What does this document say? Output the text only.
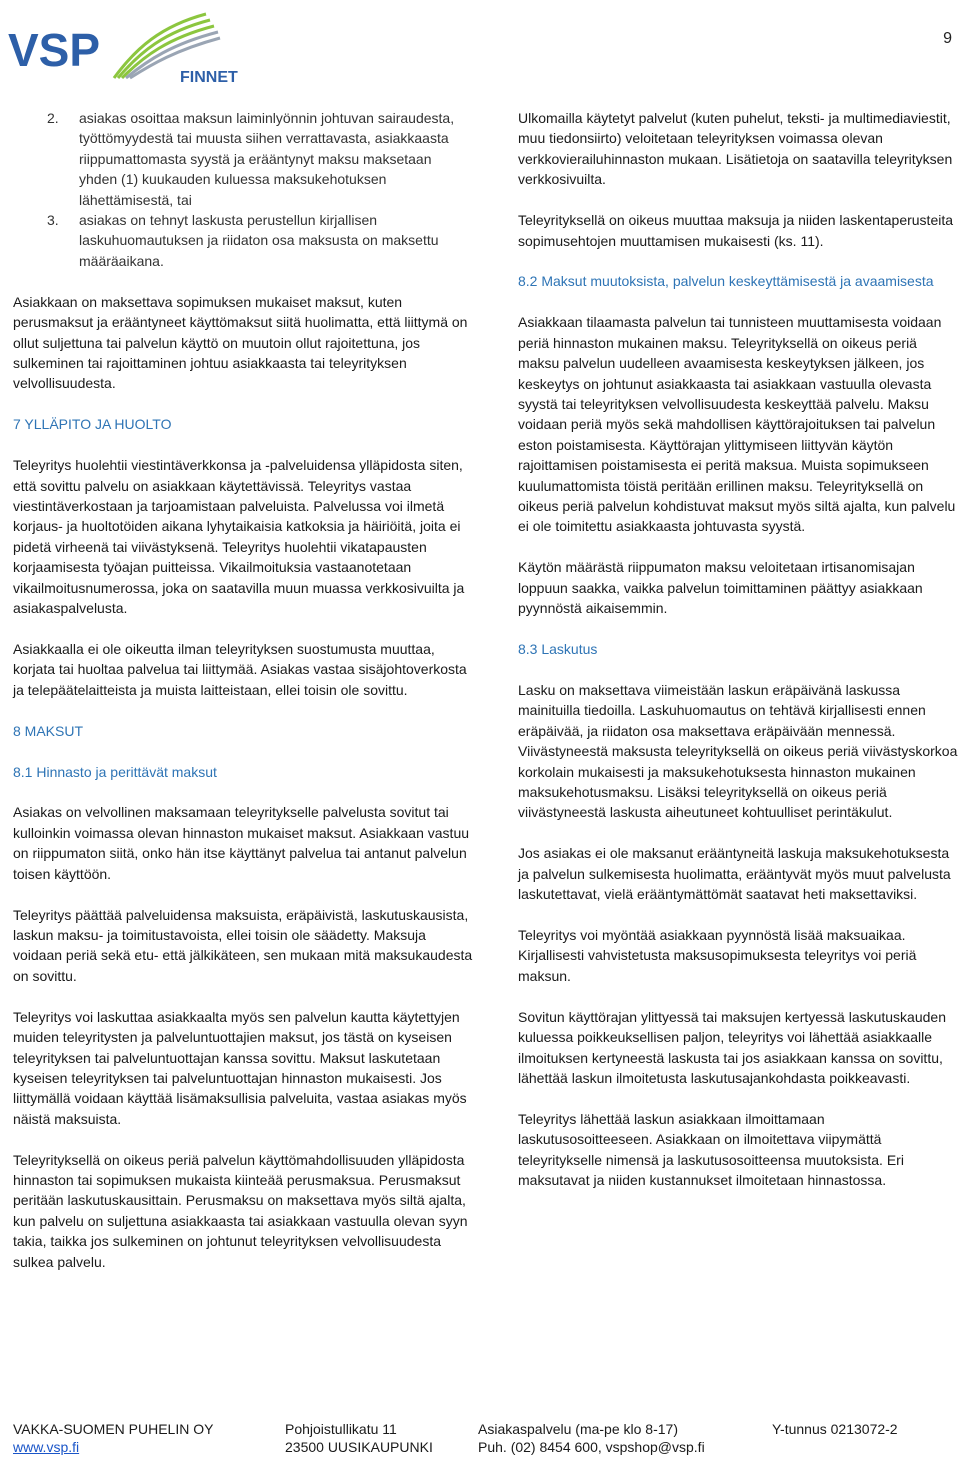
VSP
FINNET
9
2. asiakas osoittaa maksun laiminlyönnin johtuvan sairaudesta, työttömyydestä tai muusta siihen verrattavasta, asiakkaasta riippumattomasta syystä ja erääntynyt maksu maksetaan yhden (1) kuukauden kuluessa maksukehotuksen lähettämisestä, tai
3. asiakas on tehnyt laskusta perustellun kirjallisen laskuhuomautuksen ja riidaton osa maksusta on maksettu määräaikana.

Asiakkaan on maksettava sopimuksen mukaiset maksut, kuten perusmaksut ja erääntyneet käyttömaksut siitä huolimatta, että liittymä on ollut suljettuna tai palvelun käyttö on muutoin ollut rajoitettuna, jos sulkeminen tai rajoittaminen johtuu asiakkaasta tai teleyrityksen velvollisuudesta.

7 YLLÄPITO JA HUOLTO

Teleyritys huolehtii viestintäverkkonsa ja -palveluidensa ylläpidosta siten, että sovittu palvelu on asiakkaan käytettävissä. Teleyritys vastaa viestintäverkostaan ja tarjoamistaan palveluista. Palvelussa voi ilmetä korjaus- ja huoltotöiden aikana lyhytaikaisia katkoksia ja häiriöitä, joita ei pidetä virheenä tai viivästyksenä. Teleyritys huolehtii vikatapausten korjaamisesta työajan puitteissa. Vikailmoituksia vastaanotetaan vikailmoitusnumerossa, joka on saatavilla muun muassa verkkosivuilta ja asiakaspalvelusta.

Asiakkaalla ei ole oikeutta ilman teleyrityksen suostumusta muuttaa, korjata tai huoltaa palvelua tai liittymää. Asiakas vastaa sisäjohtoverkosta ja telepäätelaitteista ja muista laitteistaan, ellei toisin ole sovittu.

8 MAKSUT

8.1 Hinnasto ja perittävät maksut

Asiakas on velvollinen maksamaan teleyritykselle palvelusta sovitut tai kulloinkin voimassa olevan hinnaston mukaiset maksut. Asiakkaan vastuu on riippumaton siitä, onko hän itse käyttänyt palvelua tai antanut palvelun toisen käyttöön.

Teleyritys päättää palveluidensa maksuista, eräpäivistä, laskutuskausista, laskun maksu- ja toimitustavoista, ellei toisin ole säädetty. Maksuja voidaan periä sekä etu- että jälkikäteen, sen mukaan mitä maksukaudesta on sovittu.

Teleyritys voi laskuttaa asiakkaalta myös sen palvelun kautta käytettyjen muiden teleyritysten ja palveluntuottajien maksut, jos tästä on kyseisen teleyrityksen tai palveluntuottajan kanssa sovittu. Maksut laskutetaan kyseisen teleyrityksen tai palveluntuottajan hinnaston mukaisesti. Jos liittymällä voidaan käyttää lisämaksullisia palveluita, vastaa asiakas myös näistä maksuista.

Teleyrityksellä on oikeus periä palvelun käyttömahdollisuuden ylläpidosta hinnaston tai sopimuksen mukaista kiinteää perusmaksua. Perusmaksut peritään laskutuskausittain. Perusmaksu on maksettava myös siltä ajalta, kun palvelu on suljettuna asiakkaasta tai asiakkaan vastuulla olevan syyn takia, taikka jos sulkeminen on johtunut teleyrityksen velvollisuudesta sulkea palvelu.

Ulkomailla käytetyt palvelut (kuten puhelut, teksti- ja multimediaviestit, muu tiedonsiirto) veloitetaan teleyrityksen voimassa olevan verkkovierailuhinnaston mukaan. Lisätietoja on saatavilla teleyrityksen verkkosivuilta.

Teleyrityksellä on oikeus muuttaa maksuja ja niiden laskentaperusteita sopimusehtojen muuttamisen mukaisesti (ks. 11).

8.2 Maksut muutoksista, palvelun keskeyttämisestä ja avaamisesta

Asiakkaan tilaamasta palvelun tai tunnisteen muuttamisesta voidaan periä hinnaston mukainen maksu. Teleyrityksellä on oikeus periä maksu palvelun uudelleen avaamisesta keskeytyksen jälkeen, jos keskeytys on johtunut asiakkaasta tai asiakkaan vastuulla olevasta syystä tai teleyrityksen velvollisuudesta keskeyttää palvelu. Maksu voidaan periä myös sekä mahdollisen käyttörajoituksen tai palvelun eston poistamisesta. Käyttörajan ylittymiseen liittyvän käytön rajoittamisen poistamisesta ei peritä maksua. Muista sopimukseen kuulumattomista töistä peritään erillinen maksu. Teleyrityksellä on oikeus periä palvelun kohdistuvat maksut myös siltä ajalta, kun palvelu ei ole toimitettu asiakkaasta johtuvasta syystä.

Käytön määrästä riippumaton maksu veloitetaan irtisanomisajan loppuun saakka, vaikka palvelun toimittaminen päättyy asiakkaan pyynnöstä aikaisemmin.

8.3 Laskutus

Lasku on maksettava viimeistään laskun eräpäivänä laskussa mainituilla tiedoilla. Laskuhuomautus on tehtävä kirjallisesti ennen eräpäivää, ja riidaton osa maksettava eräpäivään mennessä. Viivästyneestä maksusta teleyrityksellä on oikeus periä viivästyskorkoa korkolain mukaisesti ja maksukehotuksesta hinnaston mukainen maksukehotusmaksu. Lisäksi teleyrityksellä on oikeus periä viivästyneestä laskusta aiheutuneet kohtuulliset perintäkulut.

Jos asiakas ei ole maksanut erääntyneitä laskuja maksukehotuksesta ja palvelun sulkemisesta huolimatta, erääntyvät myös muut palvelusta laskutettavat, vielä erääntymättömät saatavat heti maksettaviksi.

Teleyritys voi myöntää asiakkaan pyynnöstä lisää maksuaikaa. Kirjallisesti vahvistetusta maksusopimuksesta teleyritys voi periä maksun.

Sovitun käyttörajan ylittyessä tai maksujen kertyessä laskutuskauden kuluessa poikkeuksellisen paljon, teleyritys voi lähettää asiakkaalle ilmoituksen kertyneestä laskusta tai jos asiakkaan kanssa on sovittu, lähettää laskun ilmoitetusta laskutusajankohdasta poikkeavasti.

Teleyritys lähettää laskun asiakkaan ilmoittamaan laskutusosoitteeseen. Asiakkaan on ilmoitettava viipymättä teleyritykselle nimensä ja laskutusosoitteensa muutoksista. Eri maksutavat ja niiden kustannukset ilmoitetaan hinnastossa.

VAKKA-SUOMEN PUHELIN OY
www.vsp.fi
Pohjoistullikatu 11
23500 UUSIKAUPUNKI
Asiakaspalvelu (ma-pe klo 8-17)
Puh. (02) 8454 600, vspshop@vsp.fi
Y-tunnus 0213072-2
